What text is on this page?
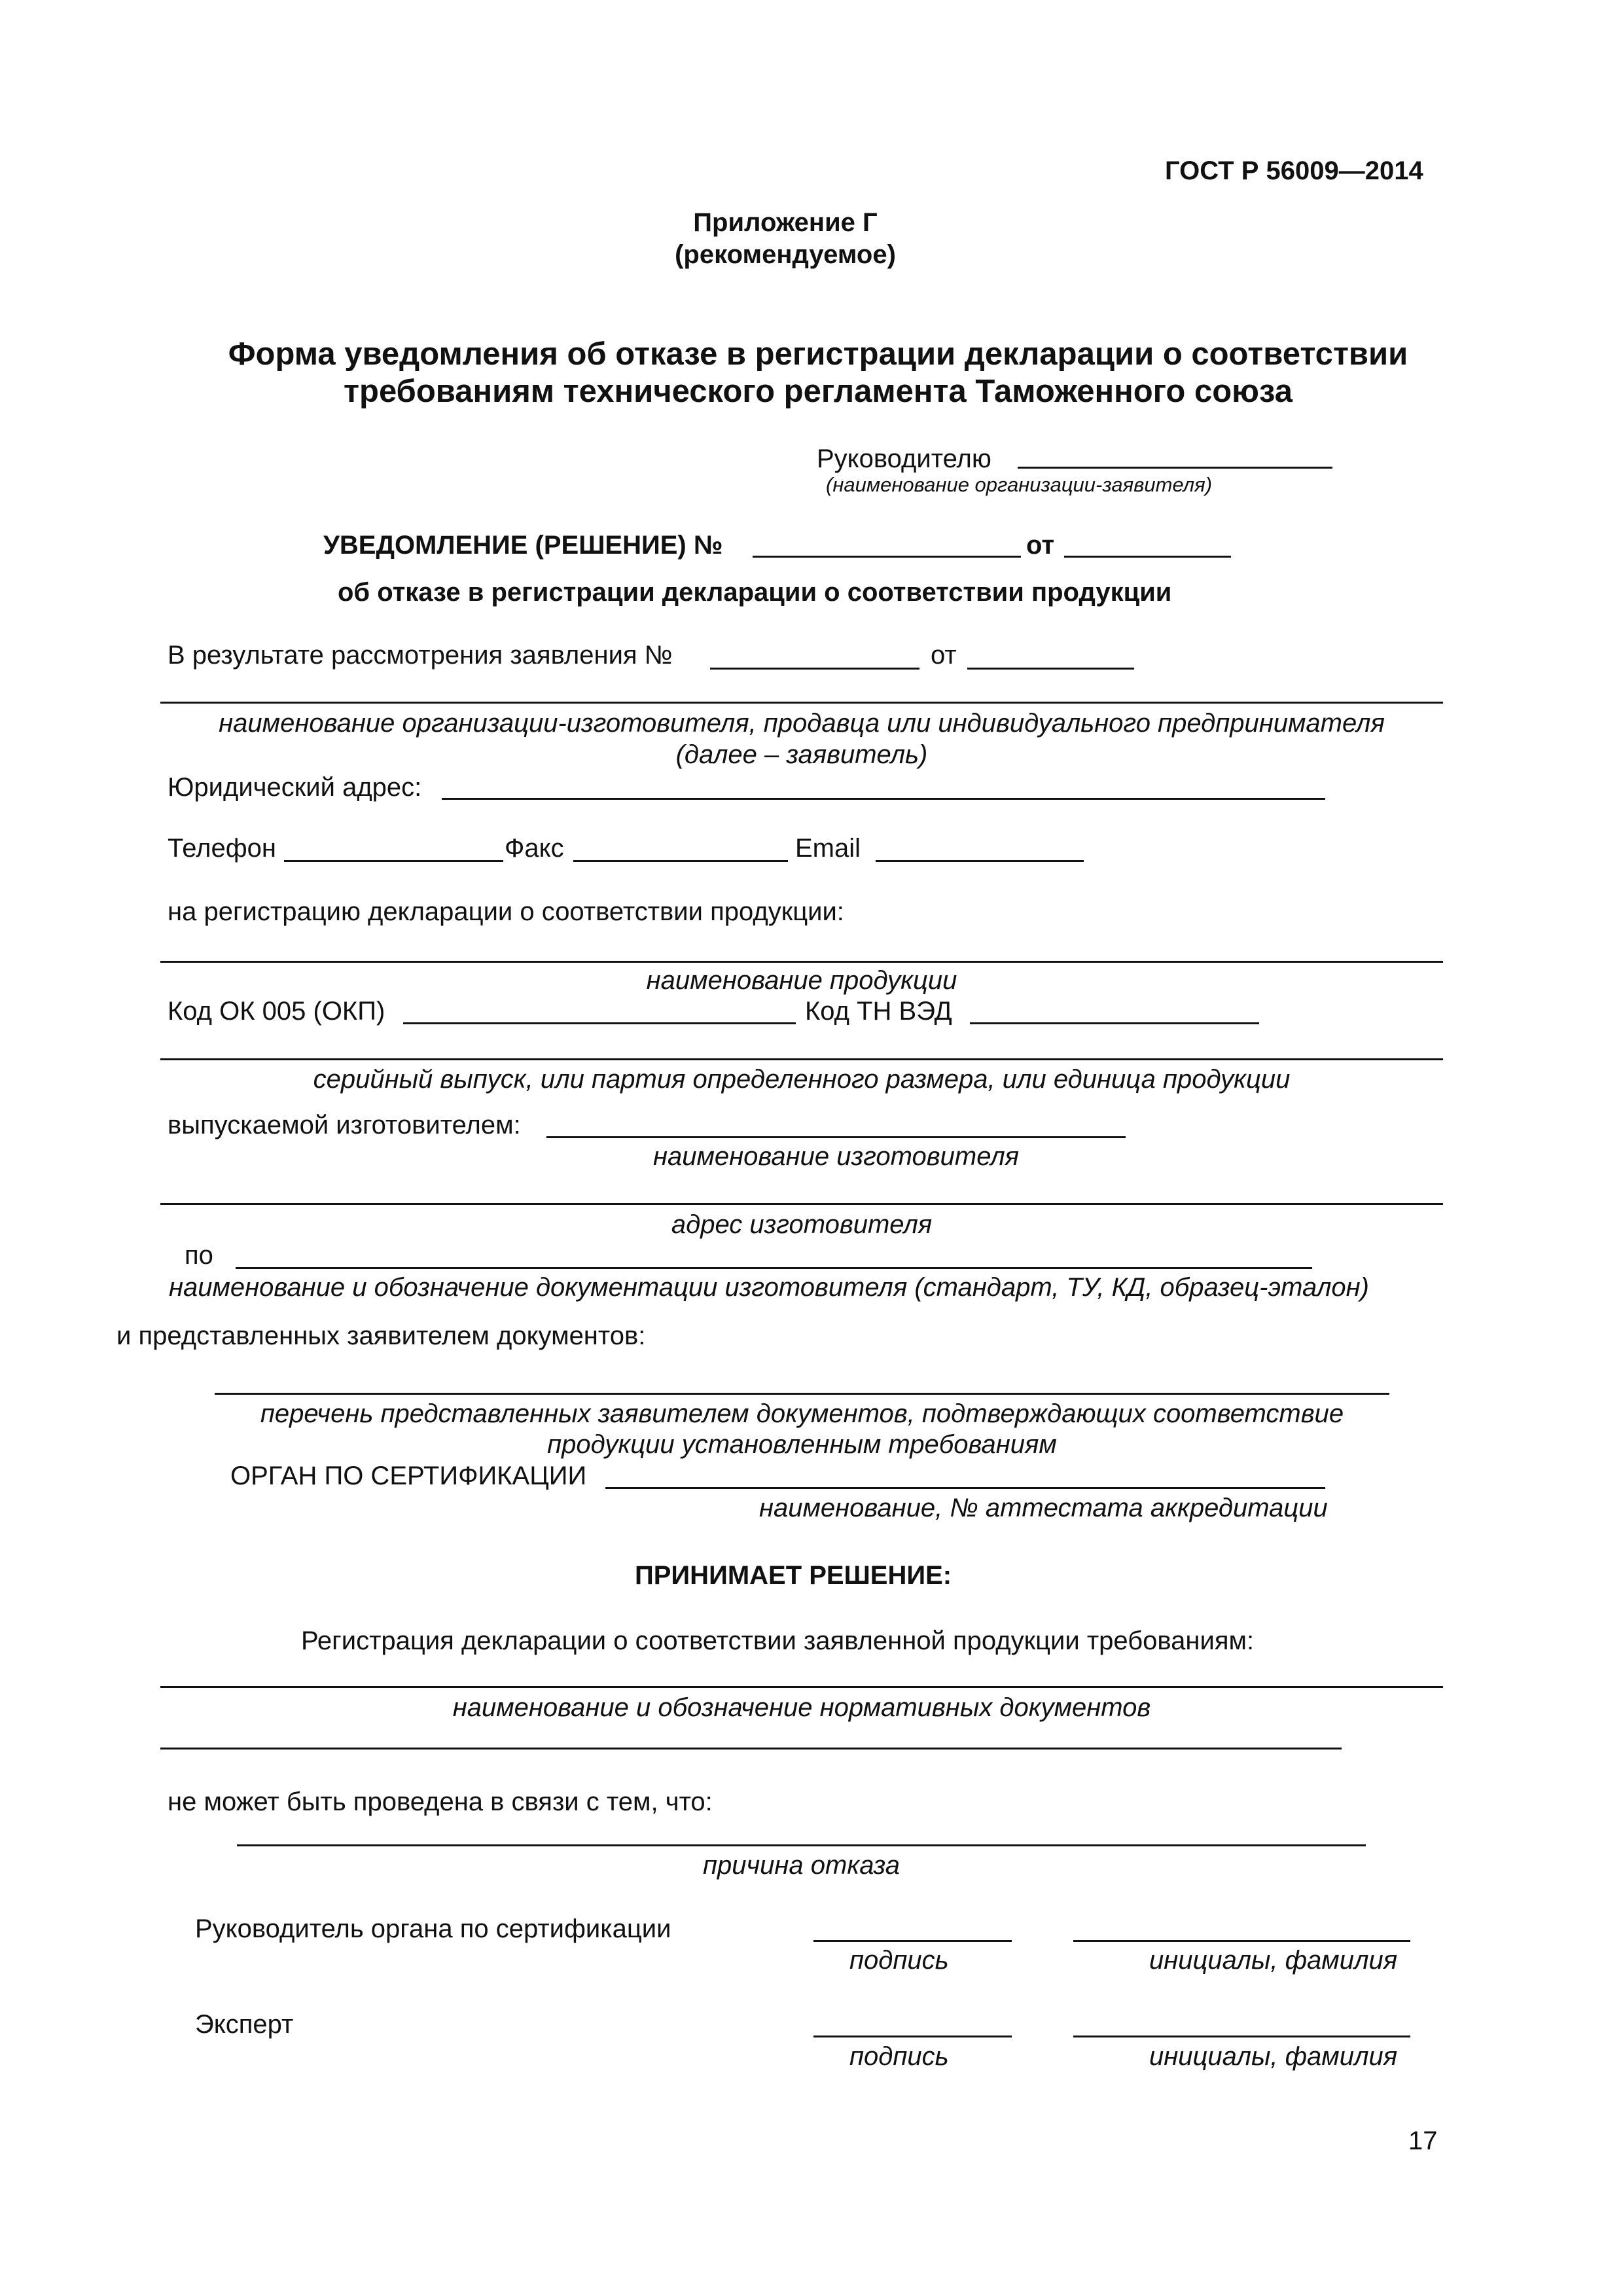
ГОСТ Р 56009—2014
Приложение Г
(рекомендуемое)
Форма уведомления об отказе в регистрации декларации о соответствии
требованиям технического регламента Таможенного союза
Руководителю
(наименование организации-заявителя)
УВЕДОМЛЕНИЕ (РЕШЕНИЕ) №	от
об отказе в регистрации декларации о соответствии продукции
В результате рассмотрения заявления №	от
наименование организации-изготовителя, продавца или индивидуального предпринимателя
(далее – заявитель)
Юридический адрес:
Телефон	Факс	Email
на регистрацию декларации о соответствии продукции:
наименование продукции
Код ОК 005 (ОКП)	Код ТН ВЭД
серийный выпуск, или партия определенного размера, или единица продукции
выпускаемой изготовителем:
наименование изготовителя
адрес изготовителя
по
наименование и обозначение документации изготовителя (стандарт, ТУ, КД, образец-эталон)
и представленных заявителем документов:
перечень представленных заявителем документов, подтверждающих соответствие
продукции установленным требованиям
ОРГАН ПО СЕРТИФИКАЦИИ
наименование, № аттестата аккредитации
ПРИНИМАЕТ РЕШЕНИЕ:
Регистрация декларации о соответствии заявленной продукции требованиям:
наименование и обозначение нормативных документов
не может быть проведена в связи с тем, что:
причина отказа
Руководитель органа по сертификации
подпись	инициалы, фамилия
Эксперт
подпись	инициалы, фамилия
17
